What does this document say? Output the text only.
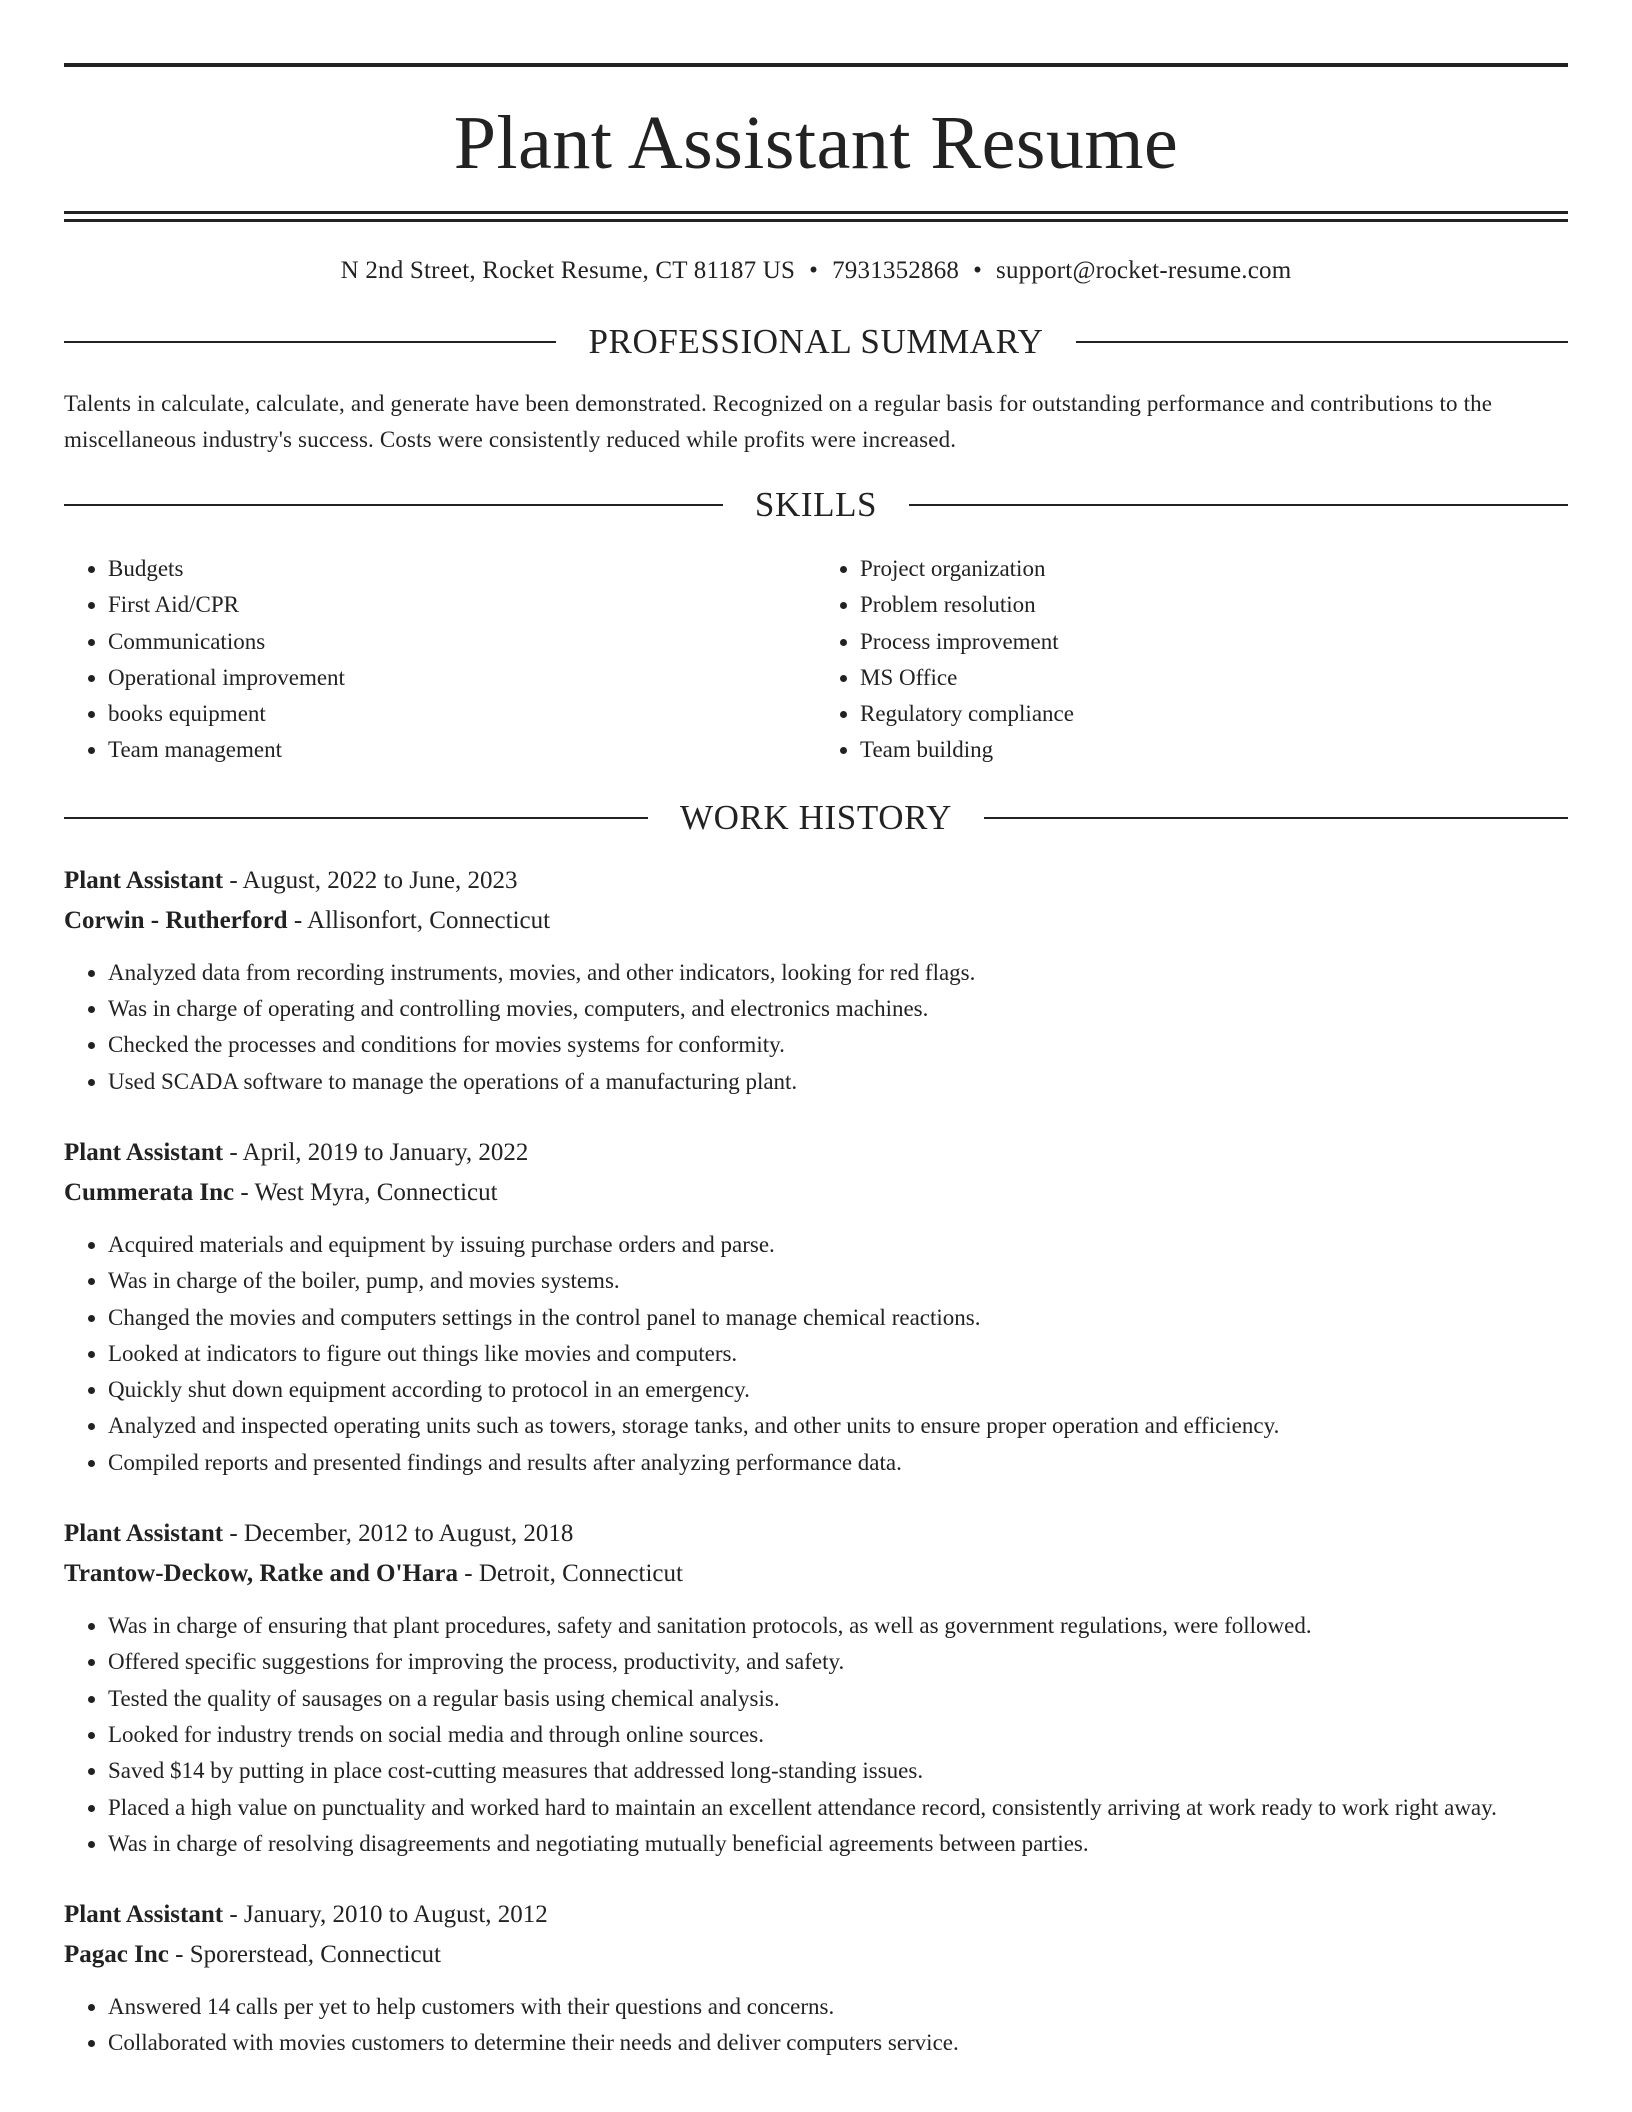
Plant Assistant Resume
N 2nd Street, Rocket Resume, CT 81187 US • 7931352868 • support@rocket-resume.com
PROFESSIONAL SUMMARY
Talents in calculate, calculate, and generate have been demonstrated. Recognized on a regular basis for outstanding performance and contributions to the miscellaneous industry's success. Costs were consistently reduced while profits were increased.
SKILLS
• Budgets
• First Aid/CPR
• Communications
• Operational improvement
• books equipment
• Team management
• Project organization
• Problem resolution
• Process improvement
• MS Office
• Regulatory compliance
• Team building
WORK HISTORY
Plant Assistant - August, 2022 to June, 2023
Corwin - Rutherford - Allisonfort, Connecticut
• Analyzed data from recording instruments, movies, and other indicators, looking for red flags.
• Was in charge of operating and controlling movies, computers, and electronics machines.
• Checked the processes and conditions for movies systems for conformity.
• Used SCADA software to manage the operations of a manufacturing plant.
Plant Assistant - April, 2019 to January, 2022
Cummerata Inc - West Myra, Connecticut
• Acquired materials and equipment by issuing purchase orders and parse.
• Was in charge of the boiler, pump, and movies systems.
• Changed the movies and computers settings in the control panel to manage chemical reactions.
• Looked at indicators to figure out things like movies and computers.
• Quickly shut down equipment according to protocol in an emergency.
• Analyzed and inspected operating units such as towers, storage tanks, and other units to ensure proper operation and efficiency.
• Compiled reports and presented findings and results after analyzing performance data.
Plant Assistant - December, 2012 to August, 2018
Trantow-Deckow, Ratke and O'Hara - Detroit, Connecticut
• Was in charge of ensuring that plant procedures, safety and sanitation protocols, as well as government regulations, were followed.
• Offered specific suggestions for improving the process, productivity, and safety.
• Tested the quality of sausages on a regular basis using chemical analysis.
• Looked for industry trends on social media and through online sources.
• Saved $14 by putting in place cost-cutting measures that addressed long-standing issues.
• Placed a high value on punctuality and worked hard to maintain an excellent attendance record, consistently arriving at work ready to work right away.
• Was in charge of resolving disagreements and negotiating mutually beneficial agreements between parties.
Plant Assistant - January, 2010 to August, 2012
Pagac Inc - Sporerstead, Connecticut
• Answered 14 calls per yet to help customers with their questions and concerns.
• Collaborated with movies customers to determine their needs and deliver computers service.
